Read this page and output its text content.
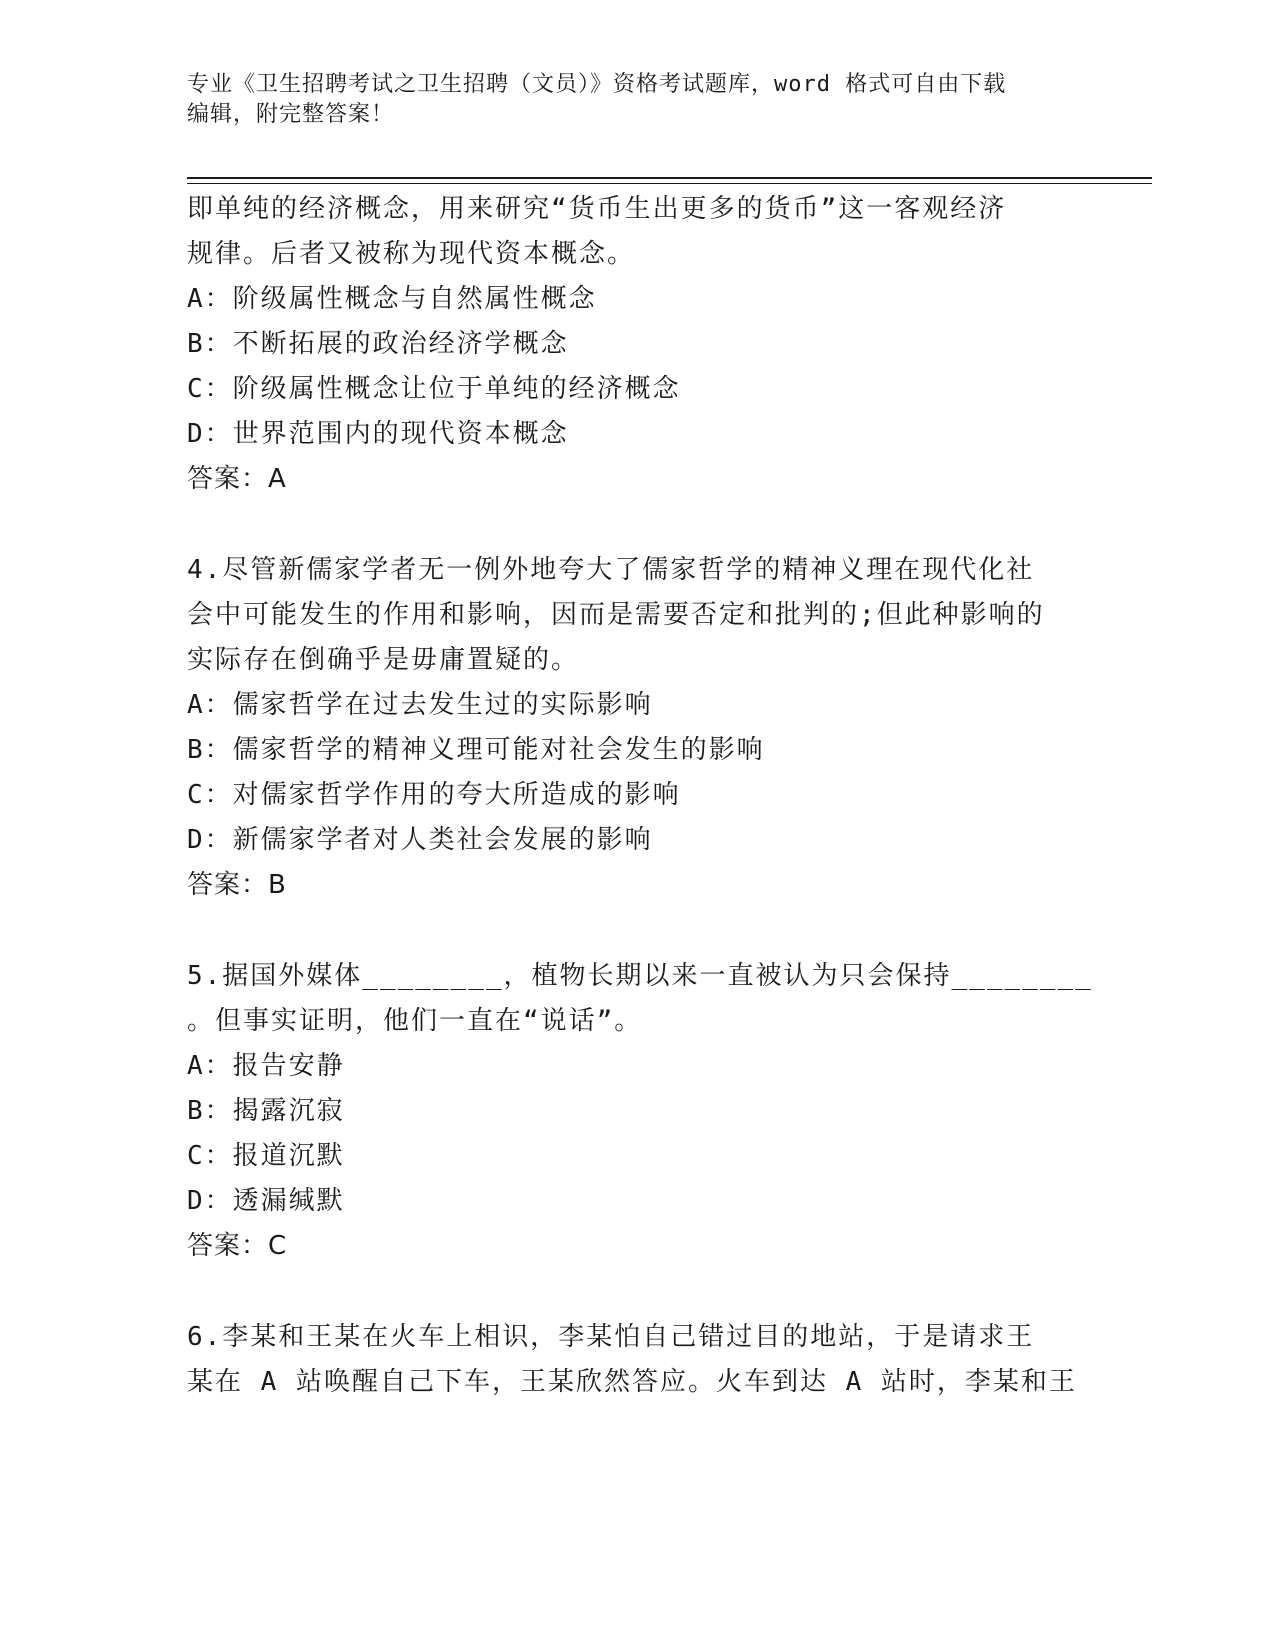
专业《卫生招聘考试之卫生招聘（文员）》资格考试题库，word 格式可自由下载
编辑，附完整答案！
即单纯的经济概念，用来研究“货币生出更多的货币”这一客观经济
规律。后者又被称为现代资本概念。
A：阶级属性概念与自然属性概念
B：不断拓展的政治经济学概念
C：阶级属性概念让位于单纯的经济概念
D：世界范围内的现代资本概念
答案：A
4.尽管新儒家学者无一例外地夸大了儒家哲学的精神义理在现代化社
会中可能发生的作用和影响，因而是需要否定和批判的;但此种影响的
实际存在倒确乎是毋庸置疑的。
A：儒家哲学在过去发生过的实际影响
B：儒家哲学的精神义理可能对社会发生的影响
C：对儒家哲学作用的夸大所造成的影响
D：新儒家学者对人类社会发展的影响
答案：B
5.据国外媒体________，植物长期以来一直被认为只会保持________
。但事实证明，他们一直在“说话”。
A：报告安静
B：揭露沉寂
C：报道沉默
D：透漏缄默
答案：C
6.李某和王某在火车上相识，李某怕自己错过目的地站，于是请求王
某在 A 站唤醒自己下车，王某欣然答应。火车到达 A 站时，李某和王
